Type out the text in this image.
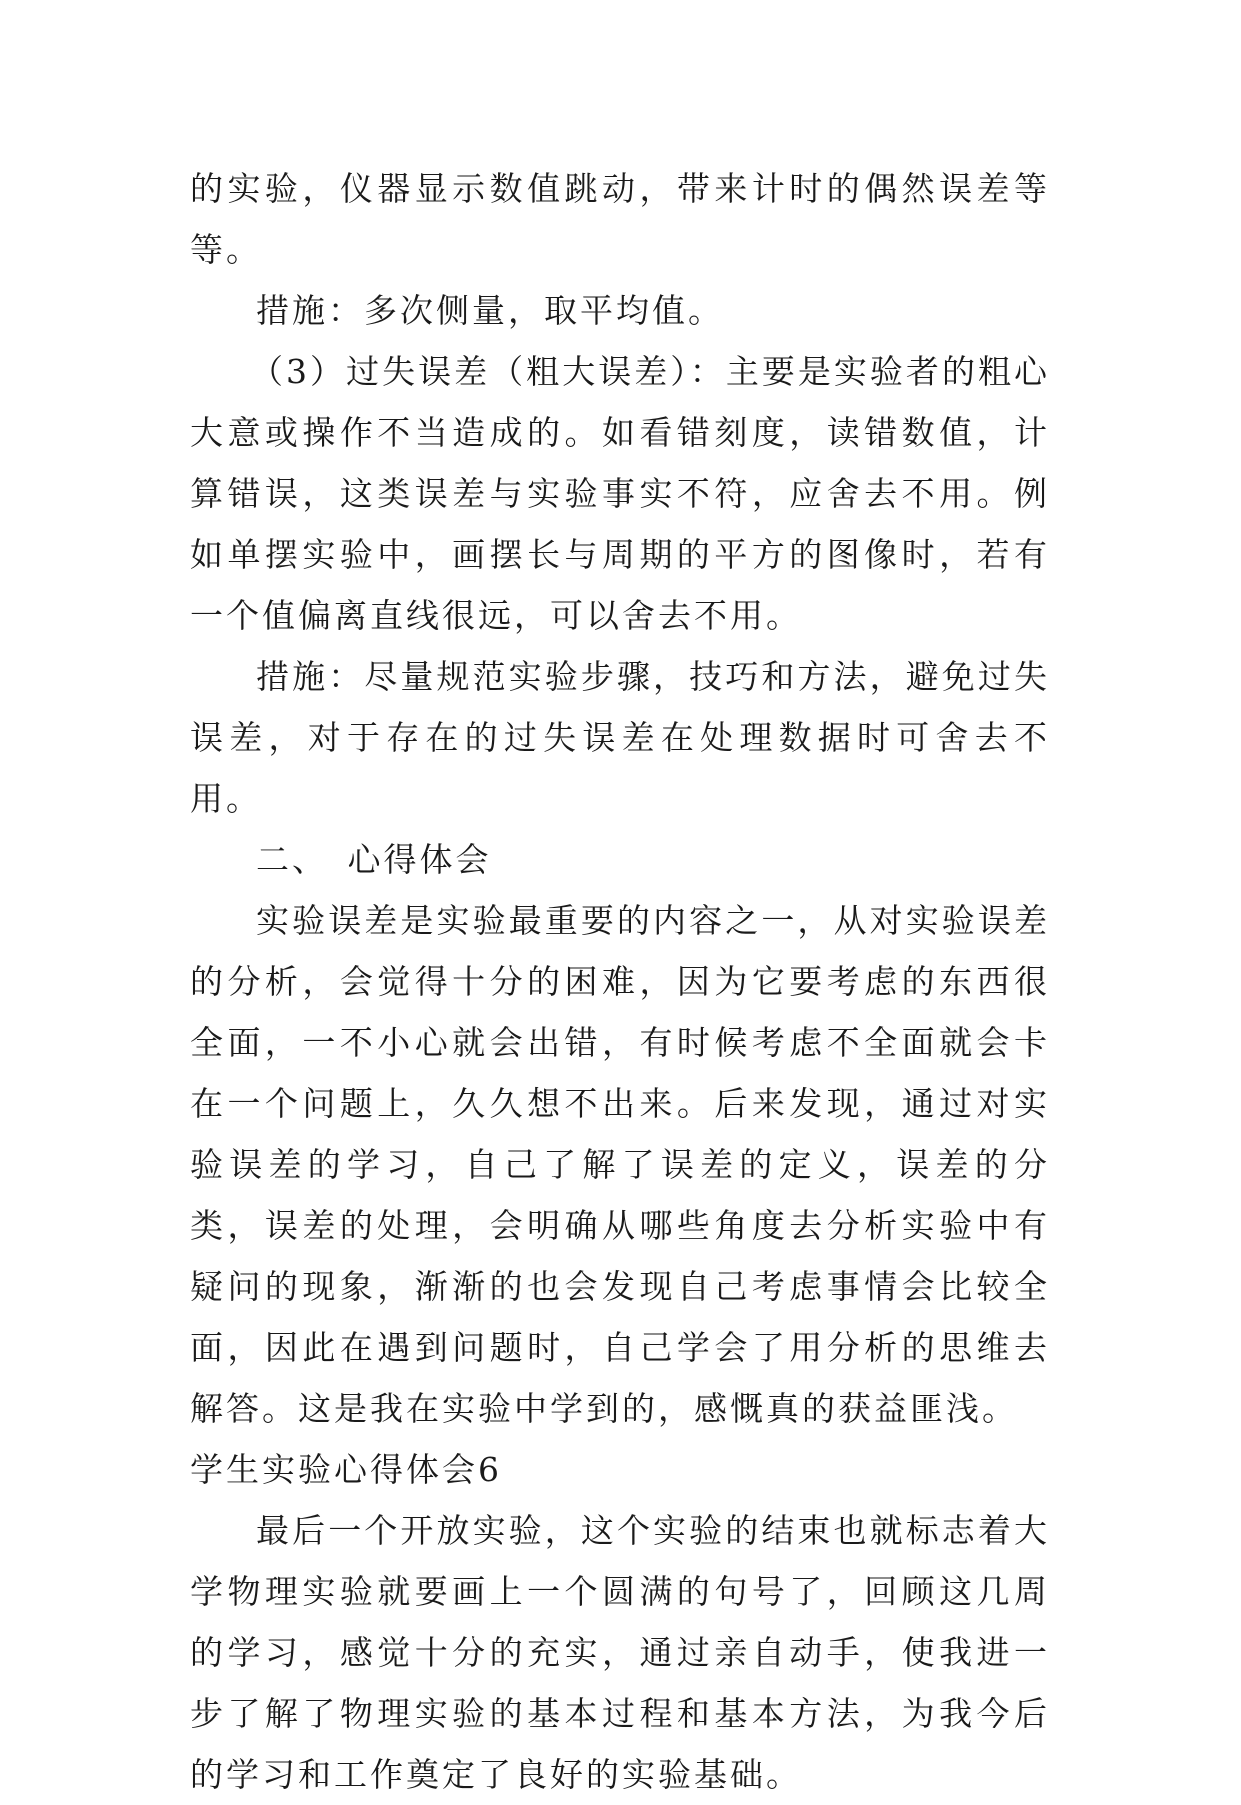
的实验，仪器显示数值跳动，带来计时的偶然误差等等。

措施：多次侧量，取平均值。

（3）过失误差（粗大误差）：主要是实验者的粗心大意或操作不当造成的。如看错刻度，读错数值，计算错误，这类误差与实验事实不符，应舍去不用。例如单摆实验中，画摆长与周期的平方的图像时，若有一个值偏离直线很远，可以舍去不用。

措施：尽量规范实验步骤，技巧和方法，避免过失误差，对于存在的过失误差在处理数据时可舍去不用。

二、　心得体会

实验误差是实验最重要的内容之一，从对实验误差的分析，会觉得十分的困难，因为它要考虑的东西很全面，一不小心就会出错，有时候考虑不全面就会卡在一个问题上，久久想不出来。后来发现，通过对实验误差的学习，自己了解了误差的定义，误差的分类，误差的处理，会明确从哪些角度去分析实验中有疑问的现象，渐渐的也会发现自己考虑事情会比较全面，因此在遇到问题时，自己学会了用分析的思维去解答。这是我在实验中学到的，感慨真的获益匪浅。

学生实验心得体会6

最后一个开放实验，这个实验的结束也就标志着大学物理实验就要画上一个圆满的句号了，回顾这几周的学习，感觉十分的充实，通过亲自动手，使我进一步了解了物理实验的基本过程和基本方法，为我今后的学习和工作奠定了良好的实验基础。
